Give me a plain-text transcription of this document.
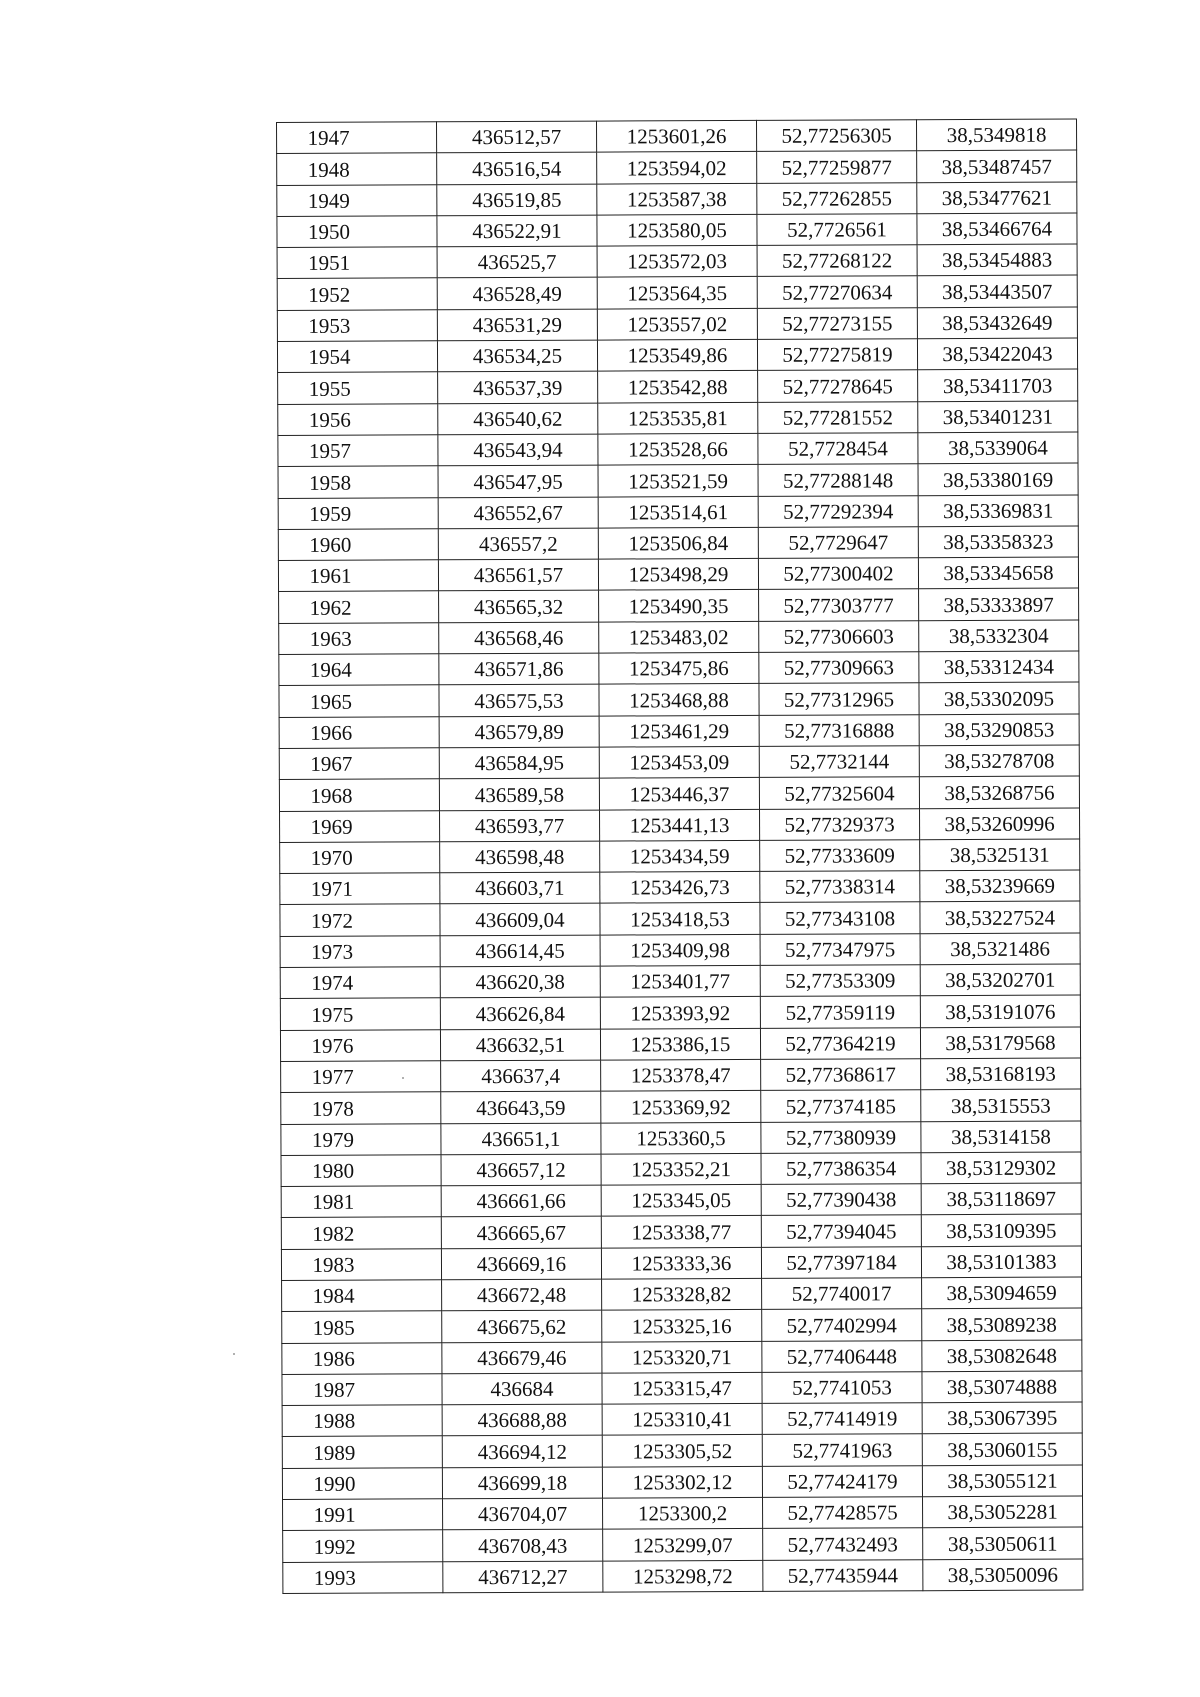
1947	436512,57	1253601,26	52,77256305	38,5349818
1948	436516,54	1253594,02	52,77259877	38,53487457
1949	436519,85	1253587,38	52,77262855	38,53477621
1950	436522,91	1253580,05	52,7726561	38,53466764
1951	436525,7	1253572,03	52,77268122	38,53454883
1952	436528,49	1253564,35	52,77270634	38,53443507
1953	436531,29	1253557,02	52,77273155	38,53432649
1954	436534,25	1253549,86	52,77275819	38,53422043
1955	436537,39	1253542,88	52,77278645	38,53411703
1956	436540,62	1253535,81	52,77281552	38,53401231
1957	436543,94	1253528,66	52,7728454	38,5339064
1958	436547,95	1253521,59	52,77288148	38,53380169
1959	436552,67	1253514,61	52,77292394	38,53369831
1960	436557,2	1253506,84	52,7729647	38,53358323
1961	436561,57	1253498,29	52,77300402	38,53345658
1962	436565,32	1253490,35	52,77303777	38,53333897
1963	436568,46	1253483,02	52,77306603	38,5332304
1964	436571,86	1253475,86	52,77309663	38,53312434
1965	436575,53	1253468,88	52,77312965	38,53302095
1966	436579,89	1253461,29	52,77316888	38,53290853
1967	436584,95	1253453,09	52,7732144	38,53278708
1968	436589,58	1253446,37	52,77325604	38,53268756
1969	436593,77	1253441,13	52,77329373	38,53260996
1970	436598,48	1253434,59	52,77333609	38,5325131
1971	436603,71	1253426,73	52,77338314	38,53239669
1972	436609,04	1253418,53	52,77343108	38,53227524
1973	436614,45	1253409,98	52,77347975	38,5321486
1974	436620,38	1253401,77	52,77353309	38,53202701
1975	436626,84	1253393,92	52,77359119	38,53191076
1976	436632,51	1253386,15	52,77364219	38,53179568
1977	436637,4	1253378,47	52,77368617	38,53168193
1978	436643,59	1253369,92	52,77374185	38,5315553
1979	436651,1	1253360,5	52,77380939	38,5314158
1980	436657,12	1253352,21	52,77386354	38,53129302
1981	436661,66	1253345,05	52,77390438	38,53118697
1982	436665,67	1253338,77	52,77394045	38,53109395
1983	436669,16	1253333,36	52,77397184	38,53101383
1984	436672,48	1253328,82	52,7740017	38,53094659
1985	436675,62	1253325,16	52,77402994	38,53089238
1986	436679,46	1253320,71	52,77406448	38,53082648
1987	436684	1253315,47	52,7741053	38,53074888
1988	436688,88	1253310,41	52,77414919	38,53067395
1989	436694,12	1253305,52	52,7741963	38,53060155
1990	436699,18	1253302,12	52,77424179	38,53055121
1991	436704,07	1253300,2	52,77428575	38,53052281
1992	436708,43	1253299,07	52,77432493	38,53050611
1993	436712,27	1253298,72	52,77435944	38,53050096
